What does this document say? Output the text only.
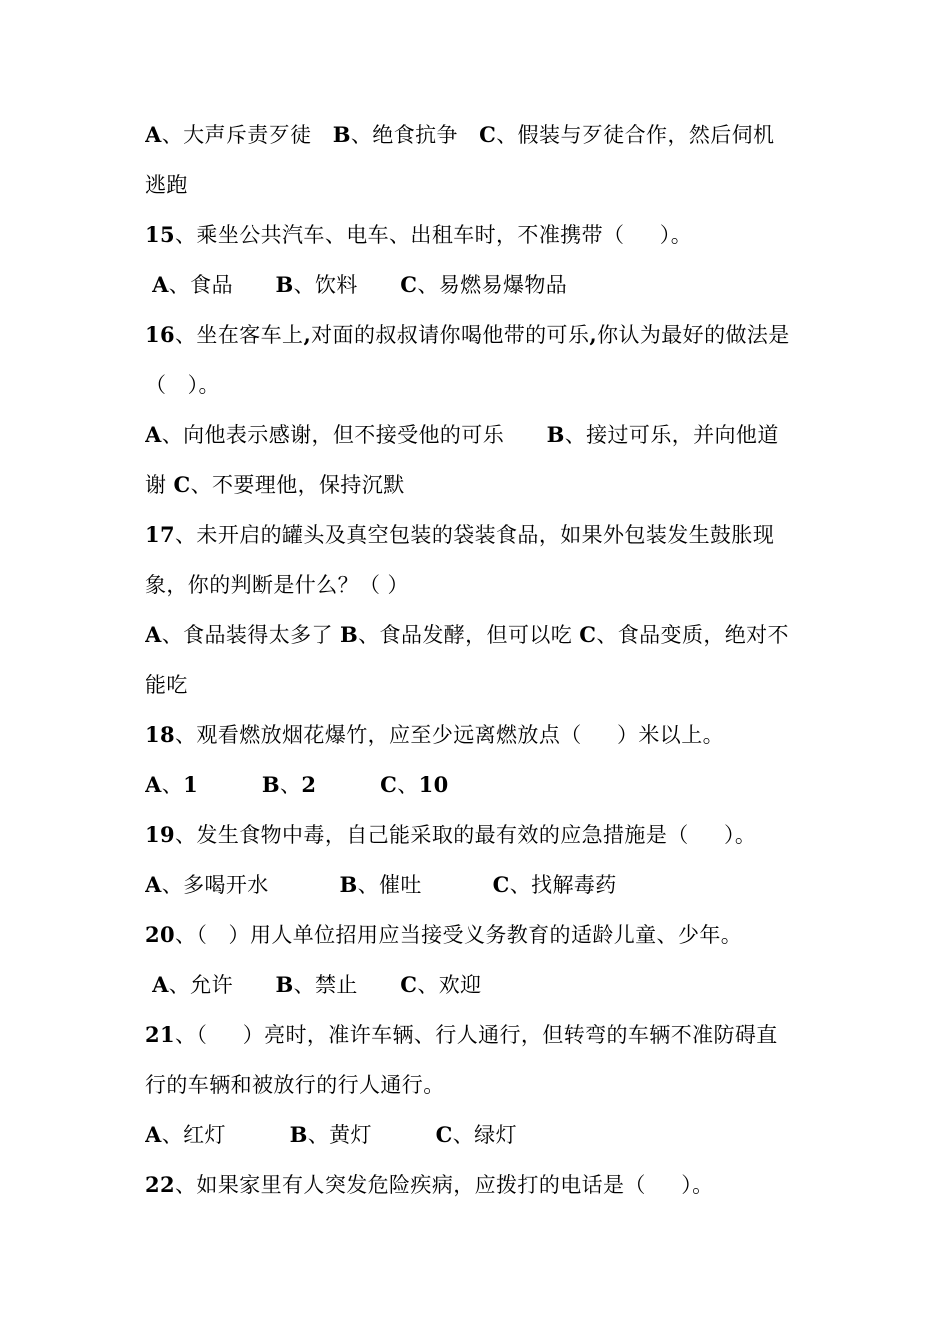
A、大声斥责歹徒   B、绝食抗争   C、假装与歹徒合作，然后伺机
逃跑
15、乘坐公共汽车、电车、出租车时，不准携带（     ）。
A、食品      B、饮料      C、易燃易爆物品
16、坐在客车上,对面的叔叔请你喝他带的可乐,你认为最好的做法是
（   ）。
A、向他表示感谢，但不接受他的可乐      B、接过可乐，并向他道
谢 C、不要理他，保持沉默
17、未开启的罐头及真空包装的袋装食品，如果外包装发生鼓胀现
象，你的判断是什么？（ ）
A、食品装得太多了 B、食品发酵，但可以吃 C、食品变质，绝对不
能吃
18、观看燃放烟花爆竹，应至少远离燃放点（     ）米以上。
A、1	B、2	C、10
19、发生食物中毒，自己能采取的最有效的应急措施是（     ）。
A、多喝开水          B、催吐          C、找解毒药
20、（   ）用人单位招用应当接受义务教育的适龄儿童、少年。
A、允许      B、禁止      C、欢迎
21、（     ）亮时，准许车辆、行人通行，但转弯的车辆不准防碍直
行的车辆和被放行的行人通行。
A、红灯         B、黄灯         C、绿灯
22、如果家里有人突发危险疾病，应拨打的电话是（     ）。
